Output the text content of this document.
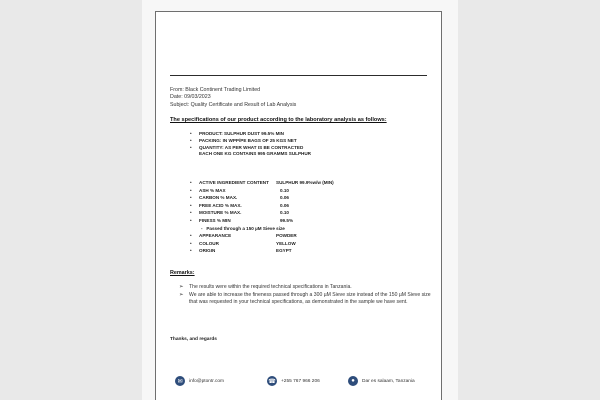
From: Black Continent Trading Limited
Date: 09/03/2023
Subject: Quality Certificate and Result of Lab Analysis
The specifications of our product according to the laboratory analysis as follows:
• PRODUCT: SULPHUR DUST 99.5% MIN
• PACKING: IN WPP/PE BAGS OF 25 KGS NET
• QUANTITY: AS PER WHAT IS BE CONTRACTED
EACH ONE KG CONTAINS 995 GRAMMS SULPHUR
• ACTIVE INGREDIENT CONTENT SULPHUR 99.9%w/w (MIN)
• ASH % MAX	0.10
• CARBON % MAX.	0.06
• FREE ACID % MAX.	0.06
• MOISTURE % MAX.	0.10
• FINESS % MIN	99.5%
-   Passed through a 150 µM Sieve size
• APPEARANCE	POWDER
• COLOUR	YELLOW
• ORIGIN	EGYPT
Remarks:
➢ The results were within the required technical specifications in Tanzania.
➢ We are able to increase the fineness passed through a 300 µM Sieve size instead of the 150 µM Sieve size that was requested in your technical specifications, as demonstrated in the sample we have sent.
Thanks, and regards
✉	info@ptontr.com	☎ +255 767 966 206	●	Dar es salaam, Tanzania
